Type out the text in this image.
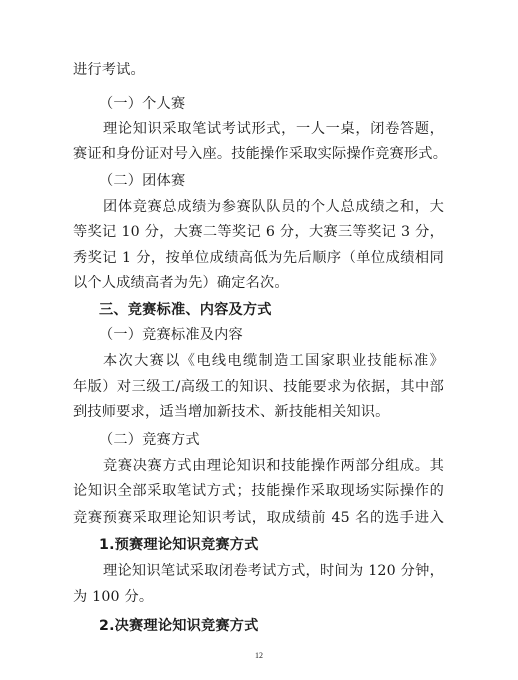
进行考试。
（一）个人赛
理论知识采取笔试考试形式，一人一桌，闭卷答题，
赛证和身份证对号入座。技能操作采取实际操作竞赛形式。
（二）团体赛
团体竞赛总成绩为参赛队队员的个人总成绩之和，大
等奖记 10 分，大赛二等奖记 6 分，大赛三等奖记 3 分，
秀奖记 1 分，按单位成绩高低为先后顺序（单位成绩相同
以个人成绩高者为先）确定名次。
三、竞赛标准、内容及方式
（一）竞赛标准及内容
本次大赛以《电线电缆制造工国家职业技能标准》
年版）对三级工/高级工的知识、技能要求为依据，其中部
到技师要求，适当增加新技术、新技能相关知识。
（二）竞赛方式
竞赛决赛方式由理论知识和技能操作两部分组成。其
论知识全部采取笔试方式；技能操作采取现场实际操作的
竞赛预赛采取理论知识考试，取成绩前 45 名的选手进入
1.预赛理论知识竞赛方式
理论知识笔试采取闭卷考试方式，时间为 120 分钟，
为 100 分。
2.决赛理论知识竞赛方式
12
